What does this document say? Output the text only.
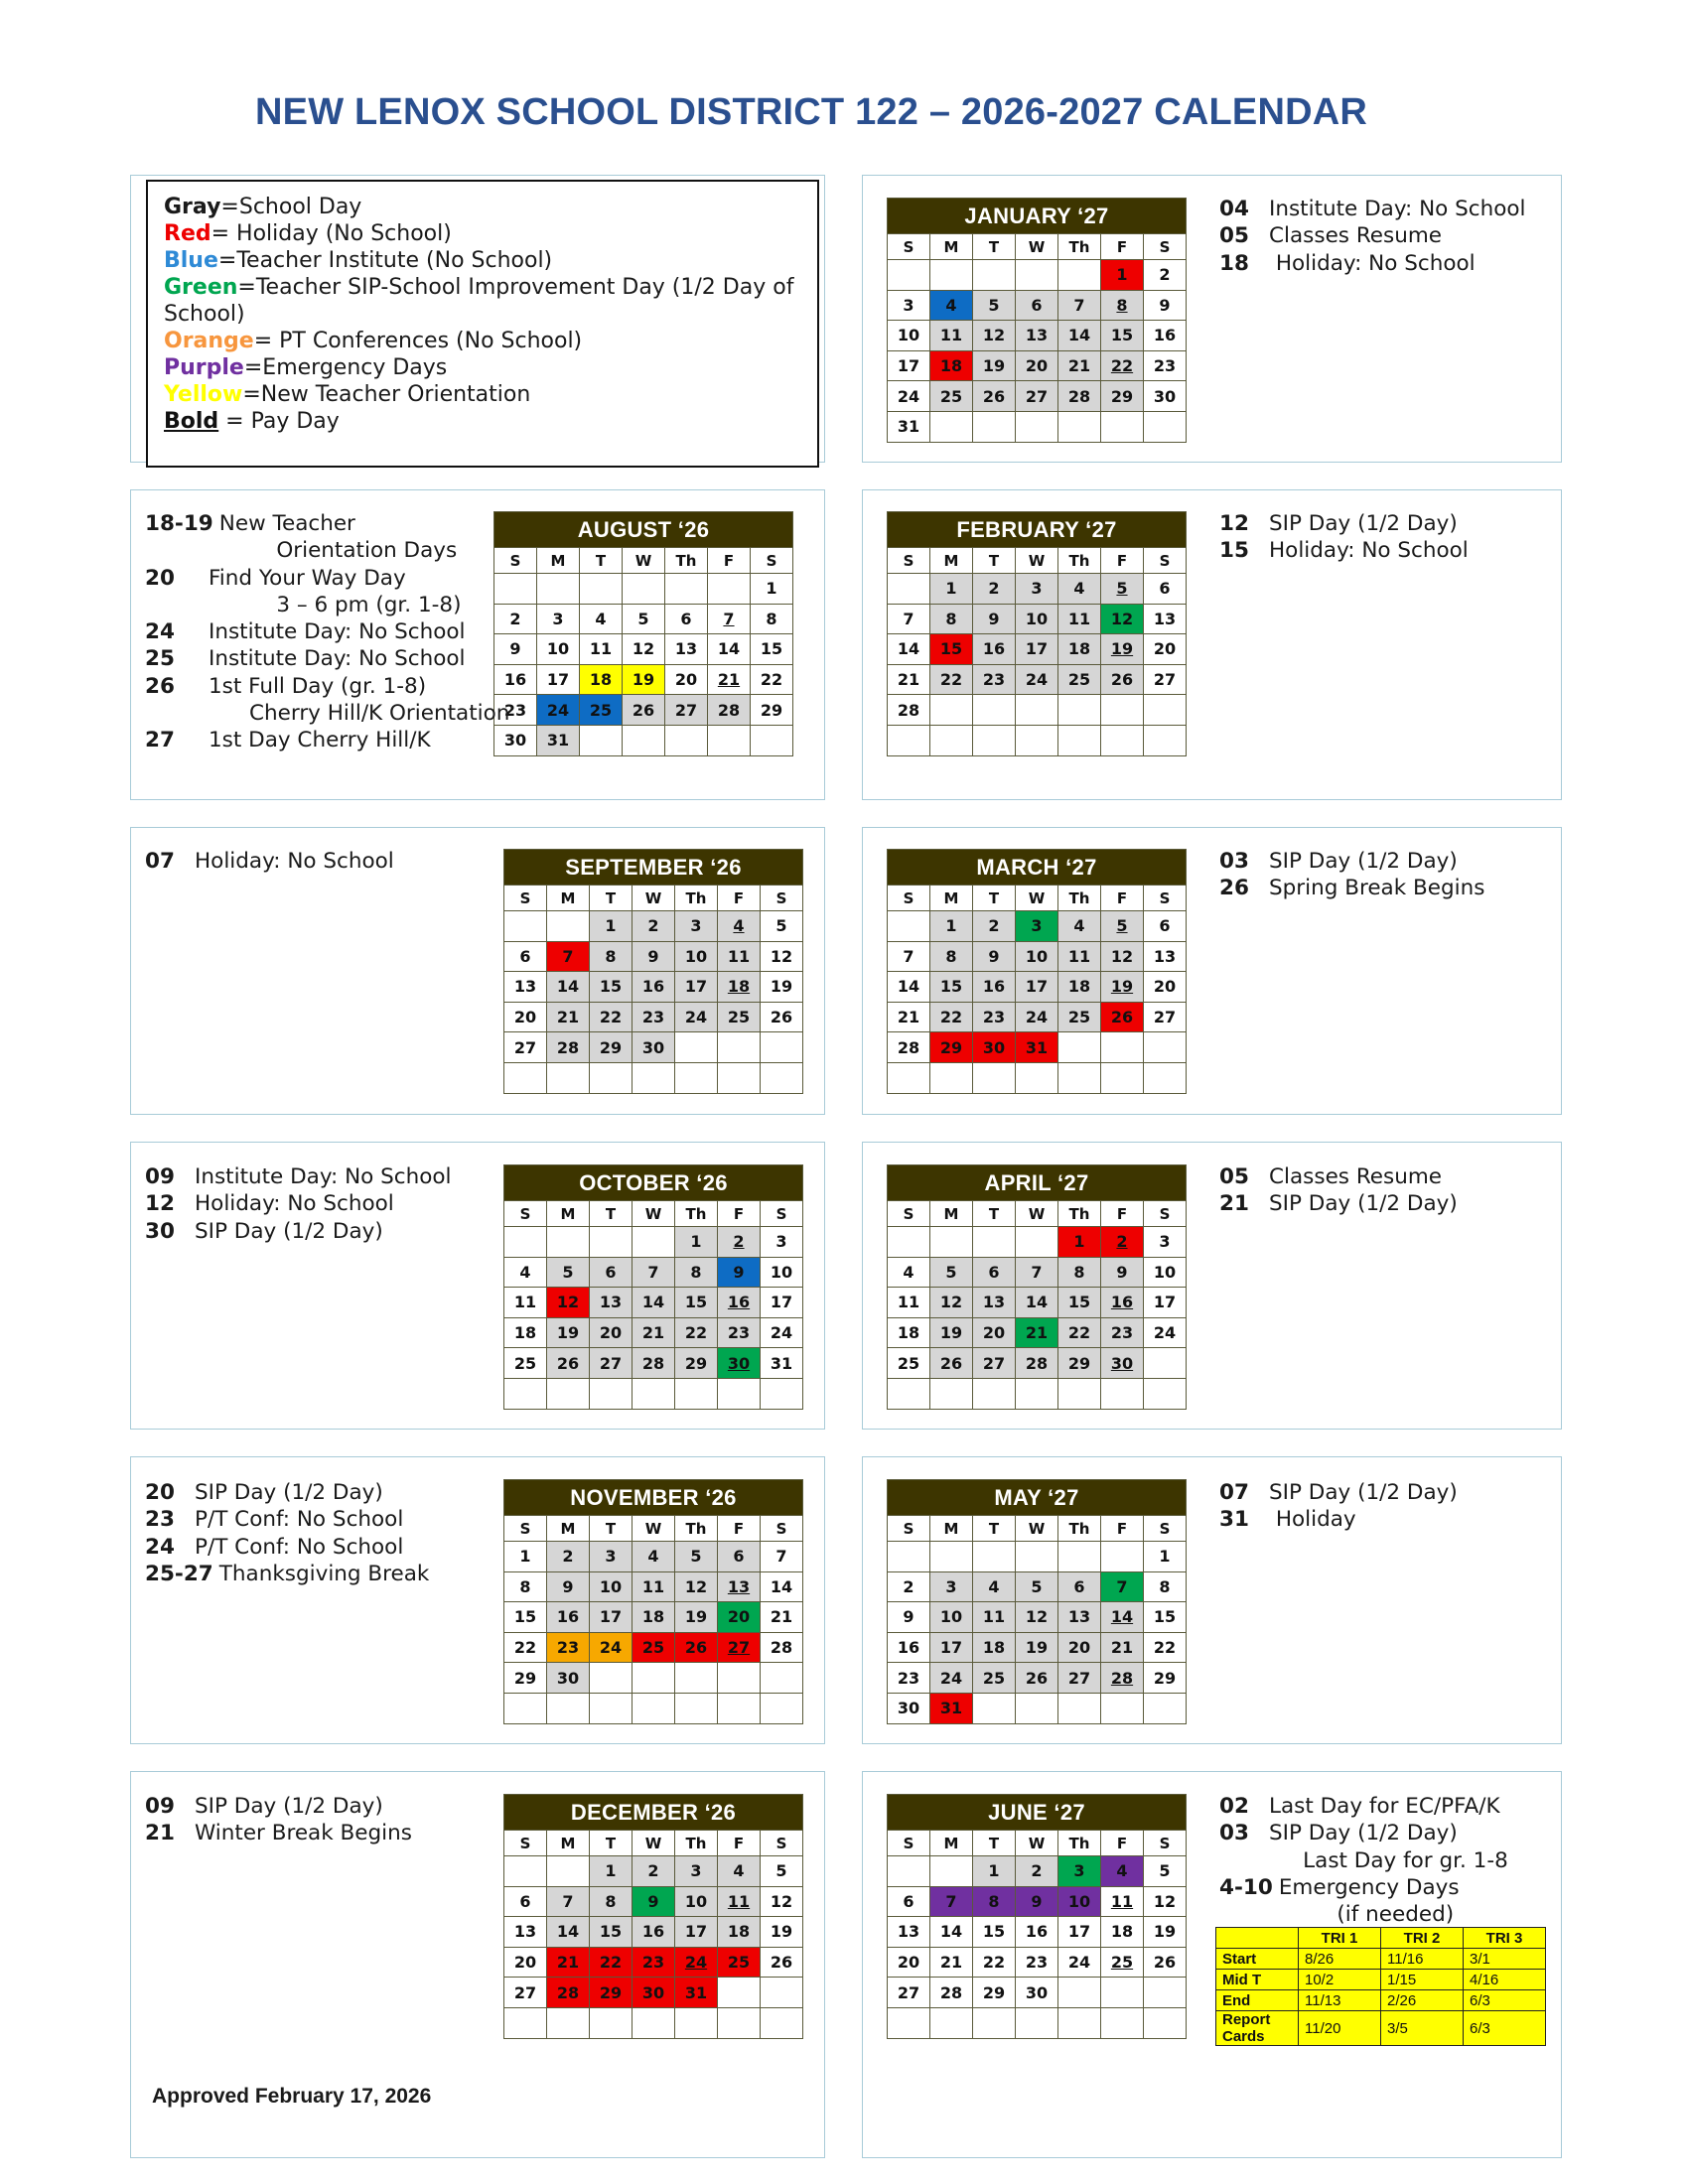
NEW LENOX SCHOOL DISTRICT 122 – 2026-2027 CALENDAR
Gray=School Day
Red= Holiday (No School)
Blue=Teacher Institute (No School)
Green=Teacher SIP-School Improvement Day (1/2 Day of
School)
Orange= PT Conferences (No School)
Purple=Emergency Days
Yellow=New Teacher Orientation
Bold = Pay Day
JANUARY ‘27						
S	M	T	W	Th	F	S
					1	2
3	4	5	6	7	8	9
10	11	12	13	14	15	16
17	18	19	20	21	22	23
24	25	26	27	28	29	30
31						
04 Institute Day: No School
05 Classes Resume
18 Holiday: No School
AUGUST ‘26						
S	M	T	W	Th	F	S
						1
2	3	4	5	6	7	8
9	10	11	12	13	14	15
16	17	18	19	20	21	22
23	24	25	26	27	28	29
30	31					
18-19 New Teacher
Orientation Days
20	Find Your Way Day
3 – 6 pm (gr. 1-8)
24	Institute Day: No School
25	Institute Day: No School
26	1st Full Day (gr. 1-8)
Cherry Hill/K Orientation
27	1st Day Cherry Hill/K
FEBRUARY ‘27						
S	M	T	W	Th	F	S
	1	2	3	4	5	6
7	8	9	10	11	12	13
14	15	16	17	18	19	20
21	22	23	24	25	26	27
28						

12 SIP Day (1/2 Day)
15 Holiday: No School
SEPTEMBER ‘26						
S	M	T	W	Th	F	S
		1	2	3	4	5
6	7	8	9	10	11	12
13	14	15	16	17	18	19
20	21	22	23	24	25	26
27	28	29	30			

07 Holiday: No School	MARCH ‘27						
S	M	T	W	Th	F	S
	1	2	3	4	5	6
7	8	9	10	11	12	13
14	15	16	17	18	19	20
21	22	23	24	25	26	27
28	29	30	31			

03 SIP Day (1/2 Day)
26 Spring Break Begins
OCTOBER ‘26						
S	M	T	W	Th	F	S
				1	2	3
4	5	6	7	8	9	10
11	12	13	14	15	16	17
18	19	20	21	22	23	24
25	26	27	28	29	30	31

09 Institute Day: No School
12 Holiday: No School
30 SIP Day (1/2 Day)
APRIL ‘27						
S	M	T	W	Th	F	S
				1	2	3
4	5	6	7	8	9	10
11	12	13	14	15	16	17
18	19	20	21	22	23	24
25	26	27	28	29	30	

05 Classes Resume
21 SIP Day (1/2 Day)
NOVEMBER ‘26						
S	M	T	W	Th	F	S
1	2	3	4	5	6	7
8	9	10	11	12	13	14
15	16	17	18	19	20	21
22	23	24	25	26	27	28
29	30					

20 SIP Day (1/2 Day)
23 P/T Conf: No School
24 P/T Conf: No School
25-27 Thanksgiving Break
MAY ‘27						
S	M	T	W	Th	F	S
						1
2	3	4	5	6	7	8
9	10	11	12	13	14	15
16	17	18	19	20	21	22
23	24	25	26	27	28	29
30	31					
07 SIP Day (1/2 Day)
31 Holiday
DECEMBER ‘26						
S	M	T	W	Th	F	S
		1	2	3	4	5
6	7	8	9	10	11	12
13	14	15	16	17	18	19
20	21	22	23	24	25	26
27	28	29	30	31		

09 SIP Day (1/2 Day)
21 Winter Break Begins
JUNE ‘27						
S	M	T	W	Th	F	S
		1	2	3	4	5
6	7	8	9	10	11	12
13	14	15	16	17	18	19
20	21	22	23	24	25	26
27	28	29	30			

02 Last Day for EC/PFA/K
03 SIP Day (1/2 Day)
Last Day for gr. 1-8
4-10 Emergency Days
(if needed)
	TRI 1	TRI 2	TRI 3
Start	8/26	11/16	3/1
Mid T	10/2	1/15	4/16
End	11/13	2/26	6/3
Report Cards	11/20	3/5	6/3

Approved February 17, 2026
